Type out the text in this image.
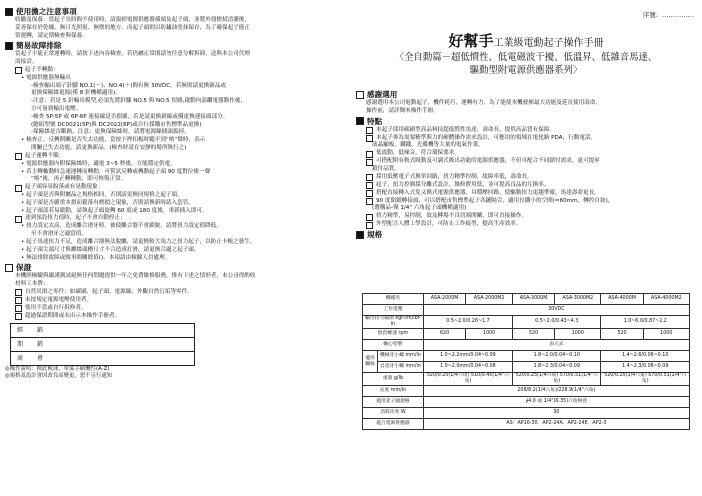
使用擔之注意事項
收繳及保養：當起子長時間不使用時，請拔掉電源供應器插頭及起子頭，並將外殼擦拭清潔後，
妥善保存於乾燥、無日光照射、無塵的地方。而起子頭則以防鏽油塗抹保存，為了確保起子能正
常運轉，請定期檢查與保養。
簡易故障排除
當起子不能正常運轉時，請按下述內容檢查，若仍屬正常則請勿任意分解拆卸，送與本公司代理
商接洽。
起子不轉動：
• 電源供應器無輸出
-檢查輸出端子針腳 NO.1(－)、NO.4(＋)間有無 30VDC，若無則請更換新品或
更換保險絲電源(僅 8 針機種適用)。
-注意：若是 5 針輸出模型,必須先將針腳 NO.5 與 NO.5 短路,啟動內部繼電器動作後,
方可量到輸出電壓。
-檢查 5P-5P 或 6P-6P 連接線是否損壞，若是請更換新線或優更換連接頭部分。
(總組型號 DC0021(5P)與 DC2022(6P)或自行採購市售標準品更換)
-保險絲是否斷路，注意：更換保險絲時，請將電源線插頭拔掉。
• 檢查正、反轉開關是否失去功能，當按下押扣板時聽不到“喀”聲時，表示
開關已失去功能，請更換新品。(檢查時請在安靜的場所執行之)
起子運轉不順：
• 電源供應器內附保險絲時，適電 3~5 秒後，方能穩定供電。
• 若主轉軸動時急速運轉而轉動，可嘗試反轉或轉動起子頭 90 度對位後一聲
“喀”後，再正轉轉動，即可恢復正常。
起子頭容易脫落或有晃動現象：
• 起子頭是否與附屬品之規格相同，否則請更換同規格之起子頭。
• 起子頭是否嚴重本損而鬆落有磨損之現象，否則請換新時請入套管。
• 起子頭部若易鬆動，請執起子頭旋轉 60 度或 180 度後，重新插入即可。
達到預設扭力值時，起子不會自動停止：
• 扭力設定太高，造成離合滑牙時，被使離合器不會鎖脫，請將扭力設定值降低，
至不會滑牙之適當值。
• 起子馬達扭力不足，造成離合器無法脫離，請更換較大馬力之扭力起子，以防止卡帳之發生。
• 起子頭尖端尺寸與螺絲頭槽尺寸不合造成打滑，請更換合適之起子頭。
• 無法排除故障或脫事間關餘值()，本項請由檢驗人員處理。
保證
本機經檢驗與嚴謹測試絕無任何問題提供一年之免費維修服務，惟有下述之情形者，本公司得酌收
材料工本費：
自然災損之零件：如碳刷、起子頭、電源線、外觀自然污垢等零件。
未按規定電源電壓使用者。
使用不當或自行拆修者。
超過保證期間或未出示本操作手冊者。
經 銷
期 銷
商 會
◎操作說明：換此軌球，單係手刷機性(A-Z)
◎規格及設計會因改良而變更，恕不另行通知
序號：……………
好幫手工業級電動起子操作手冊
〈全自動篇－超低慣性、低電磁波干擾、低溫昇、低雜音馬達、
驅動型附電源供應器系列〉
感謝選用
感謝選用本公司電動起子，機件耗巧，運轉有力，為了能使本機發揮最大功能及延長使用壽命，
操作前，請詳閱本操作手冊。
特點
本起子採用碳刷型高品料技超低慣性馬達，壽命長，提供高品質有保障。
本起子專為需要精準與力的硬體操作需求設計，可應用的領域在電化路 PDA，行動電話，
液晶顯板，鐵錢，光碟機等大量的電氣作業。
低震動，低噪音，符合環保要求。
可搭配附有較式吸動及可調式吸出功能的電源供應器，不但可配合不同鎖付需求，更可提昇
鎖付品質。
採用低壓電子式換單回路，扭力精準控制，故障率低，壽命長。
起子，扭力控制採分離式設計，維修費用低，並可提高良品的互換率。
搭配直接轉入式免又換式電源供應器，具穩壓回路，使驅動扭力更趨準確，馬達壽命更長。
90 度閉鎖轉接頭，可以搭配市售標準起子各鏈隔合，適用長鐵小的空間(≈60mm，轉控自如)，
(選購品-僅 1/4" 六角起子頭機種適用)
扭力精準，易控制，故及轉場不良切端開關，即可直接操作。
外型配合人體工學設計，可防止工作疲勞，提高生產效率。
規格
機種名		ASA-2000M	ASA-2000M2	ASA-3000M	ASA-3000M2	ASA-4000M	ASA-4000M2
工作電壓		30VDC					
輸出扭力範圍 kgf-cm/lbf-in		0.5~2.0/0.26~1.7		0.5~2.0/0.43~4.3		1.0~6.0/0.87~2.2	
無負轉速 rpm		620	1000	520	1000	520	1000
軸心型態		表示式					
適用螺絲	機械牙小螺 mm/in	1.0~2.2mm/0.04~0.09		1.8~2.0/0.04~0.10		1.4~2.6/0.06~0.10	
	自攻牙小螺 mm/in	1.0~2.0mm/0.04~0.08		1.8~2.3/0.04~0.09		1.4~2.3/0.06~0.09	
重量 g/lb		520/0.25(1/4六角) 510/0.45(1/4"六角)		520/0.25(1/4六角) 570/0.51(1/4"六角)		520/0.25(1/4六角) 570/0.51(1/4"六角)	
長度 mm/in		208/8.2(1/4六角)/228.9(1/4"六角)					
適用起子頭規格		∮4.0 或 1/4"(6.35)六角柄徑					
消耗功率 W		30					
適合電源供應器		AS：AP16-30、AP2-24A、AP2-24E、AP2-3					
